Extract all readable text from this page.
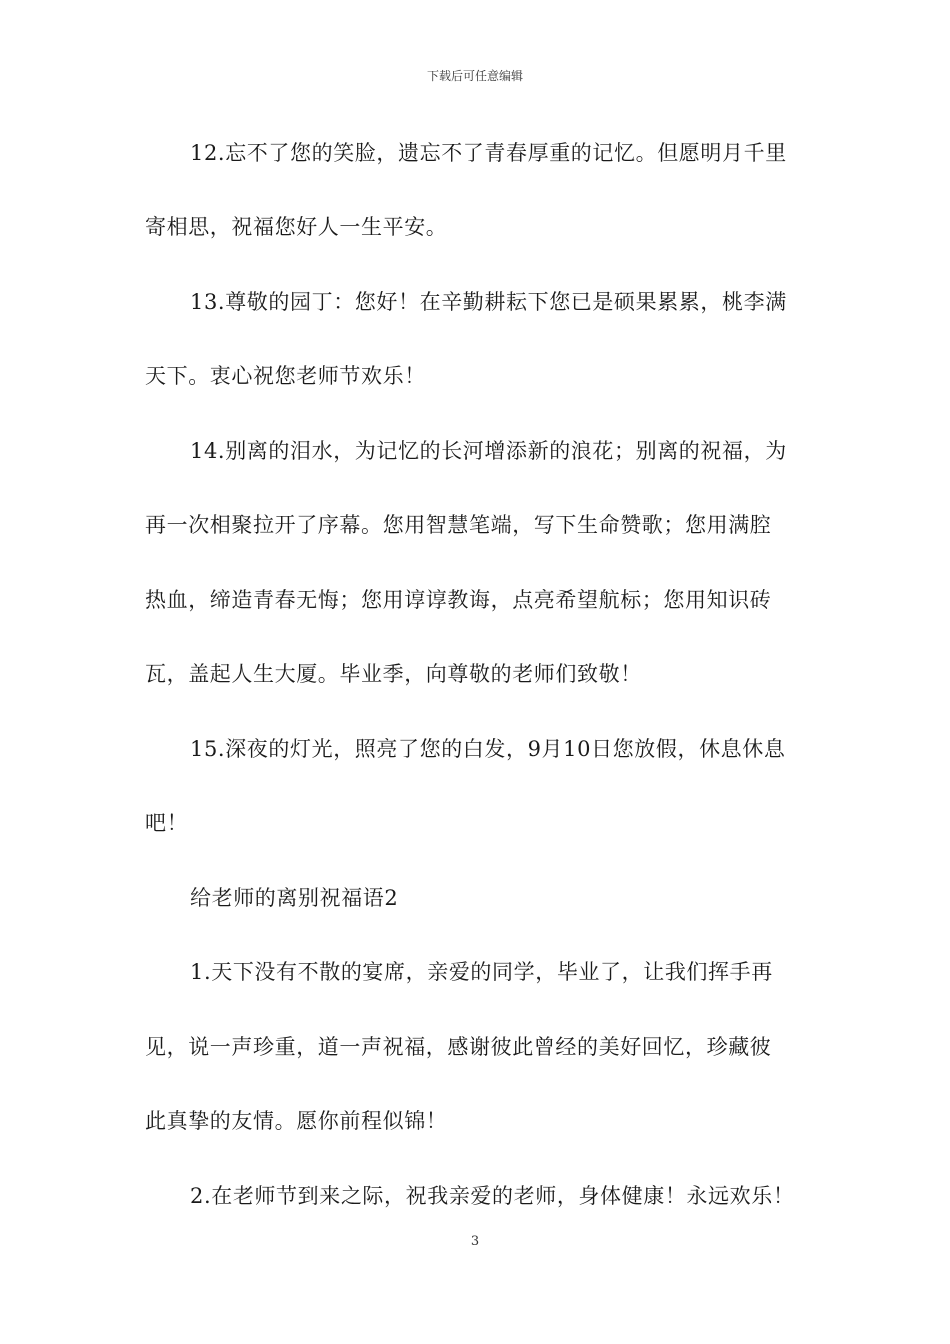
下载后可任意编辑
12.忘不了您的笑脸，遗忘不了青春厚重的记忆。但愿明月千里
寄相思，祝福您好人一生平安。
13.尊敬的园丁：您好！在辛勤耕耘下您已是硕果累累，桃李满
天下。衷心祝您老师节欢乐！
14.别离的泪水，为记忆的长河增添新的浪花；别离的祝福，为
再一次相聚拉开了序幕。您用智慧笔端，写下生命赞歌；您用满腔
热血，缔造青春无悔；您用谆谆教诲，点亮希望航标；您用知识砖
瓦，盖起人生大厦。毕业季，向尊敬的老师们致敬！
15.深夜的灯光，照亮了您的白发，9月10日您放假，休息休息
吧！
给老师的离别祝福语2
1.天下没有不散的宴席，亲爱的同学，毕业了，让我们挥手再
见，说一声珍重，道一声祝福，感谢彼此曾经的美好回忆，珍藏彼
此真挚的友情。愿你前程似锦！
2.在老师节到来之际，祝我亲爱的老师，身体健康！永远欢乐！
3
